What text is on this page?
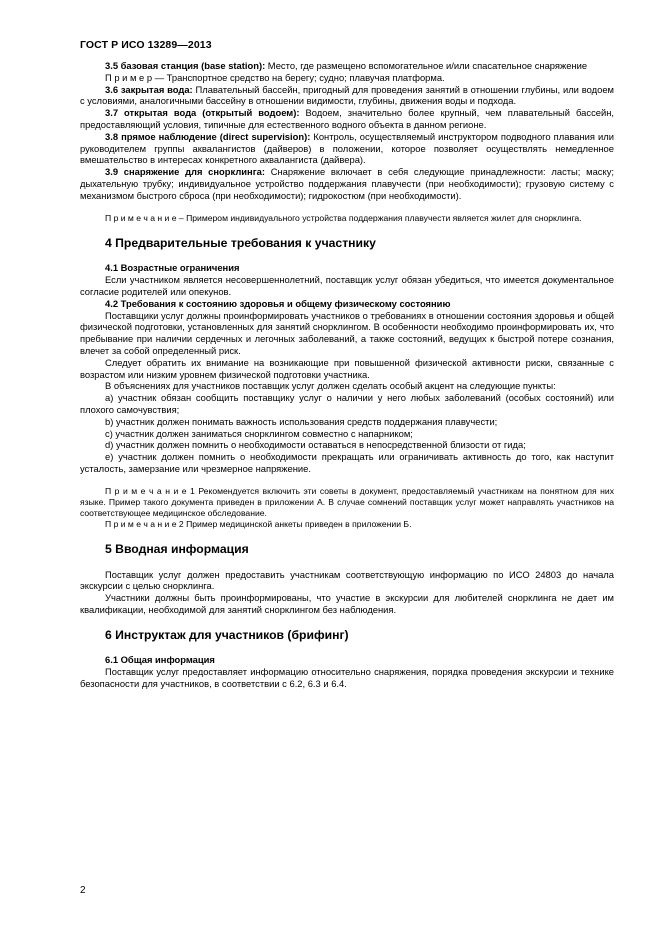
ГОСТ Р ИСО 13289—2013

3.5 базовая станция (base station): Место, где размещено вспомогательное и/или спасательное снаряжение

П р и м е р — Транспортное средство на берегу; судно; плавучая платформа.

3.6 закрытая вода: Плавательный бассейн, пригодный для проведения занятий в отношении глубины, или водоем с условиями, аналогичными бассейну в отношении видимости, глубины, движения воды и подхода.

3.7 открытая вода (открытый водоем): Водоем, значительно более крупный, чем плавательный бассейн, предоставляющий условия, типичные для естественного водного объекта в данном регионе.

3.8 прямое наблюдение (direct supervision): Контроль, осуществляемый инструктором подводного плавания или руководителем группы аквалангистов (дайверов) в положении, которое позволяет осуществлять немедленное вмешательство в интересах конкретного аквалангиста (дайвера).

3.9 снаряжение для снорклинга: Снаряжение включает в себя следующие принадлежности: ласты; маску; дыхательную трубку; индивидуальное устройство поддержания плавучести (при необходимости); грузовую систему с механизмом быстрого сброса (при необходимости); гидрокостюм (при необходимости).

П р и м е ч а н и е – Примером индивидуального устройства поддержания плавучести является жилет для снорклинга.

4 Предварительные требования к участнику

4.1 Возрастные ограничения

Если участником является несовершеннолетний, поставщик услуг обязан убедиться, что имеется документальное согласие родителей или опекунов.

4.2 Требования к состоянию здоровья и общему физическому состоянию

Поставщики услуг должны проинформировать участников о требованиях в отношении состояния здоровья и общей физической подготовки, установленных для занятий снорклингом. В особенности необходимо проинформировать их, что пребывание при наличии сердечных и легочных заболеваний, а также состояний, ведущих к быстрой потере сознания, влечет за собой определенный риск.

Следует обратить их внимание на возникающие при повышенной физической активности риски, связанные с возрастом или низким уровнем физической подготовки участника.

В объяснениях для участников поставщик услуг должен сделать особый акцент на следующие пункты:

а) участник обязан сообщить поставщику услуг о наличии у него любых заболеваний (особых состояний) или плохого самочувствия;

b) участник должен понимать важность использования средств поддержания плавучести;

c) участник должен заниматься снорклингом совместно с напарником;

d) участник должен помнить о необходимости оставаться в непосредственной близости от гида;

e) участник должен помнить о необходимости прекращать или ограничивать активность до того, как наступит усталость, замерзание или чрезмерное напряжение.

П р и м е ч а н и е 1 Рекомендуется включить эти советы в документ, предоставляемый участникам на понятном для них языке. Пример такого документа приведен в приложении А. В случае сомнений поставщик услуг может направлять участников на соответствующее медицинское обследование.

П р и м е ч а н и е 2 Пример медицинской анкеты приведен в приложении Б.

5 Вводная информация

Поставщик услуг должен предоставить участникам соответствующую информацию по ИСО 24803 до начала экскурсии с целью снорклинга.

Участники должны быть проинформированы, что участие в экскурсии для любителей снорклинга не дает им квалификации, необходимой для занятий снорклингом без наблюдения.

6 Инструктаж для участников (брифинг)

6.1 Общая информация

Поставщик услуг предоставляет информацию относительно снаряжения, порядка проведения экскурсии и технике безопасности для участников, в соответствии с 6.2, 6.3 и 6.4.

2
